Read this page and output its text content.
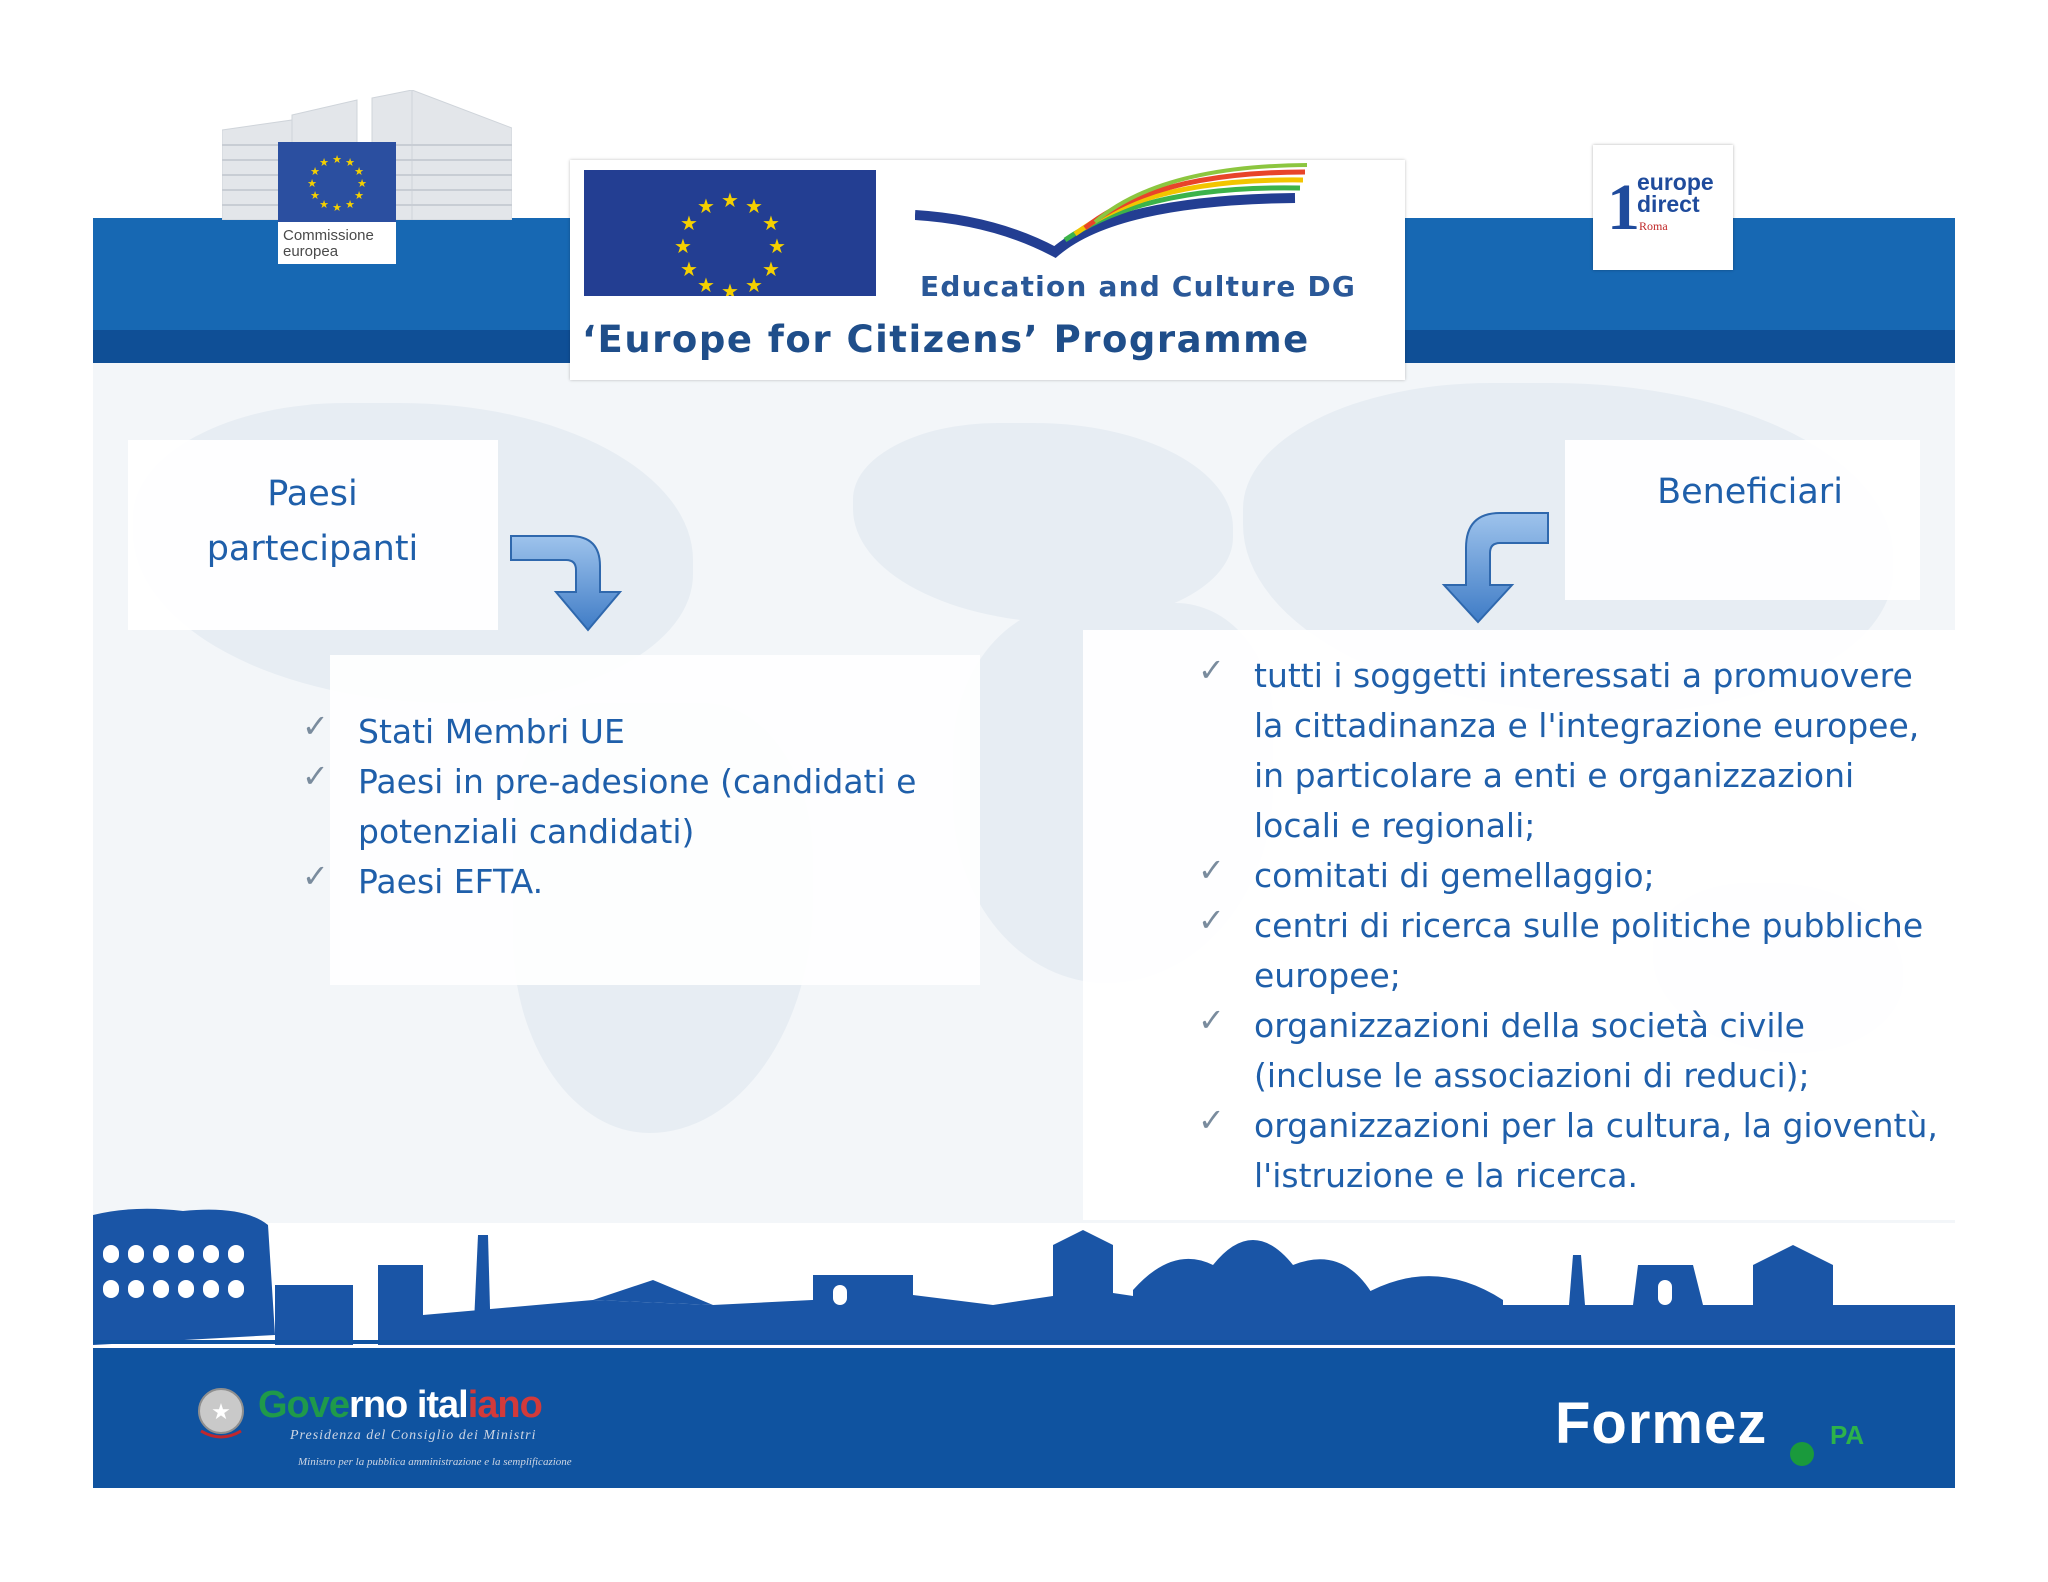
★ ★
★
★
★
★
★
★
★
★
★
★
Commissione europea
★ ★
★
★
★
★
★
★
★
★
★
★
Education and Culture DG
‘Europe for Citizens’ Programme
1
europe
direct
Roma
Paesi partecipanti
✓ Stati Membri UE
✓ Paesi in pre-adesione (candidati e potenziali candidati)
✓ Paesi EFTA.
Beneficiari
✓ tutti i soggetti interessati a promuovere la cittadinanza e l'integrazione europee, in particolare a enti e organizzazioni locali e regionali;
✓ comitati di gemellaggio;
✓ centri di ricerca sulle politiche pubbliche europee;
✓ organizzazioni della società civile (incluse le associazioni di reduci);
✓ organizzazioni per la cultura, la gioventù, l'istruzione e la ricerca.
★ Governo italiano
Presidenza del Consiglio dei Ministri
Ministro per la pubblica amministrazione e la semplificazione
Formez PA
